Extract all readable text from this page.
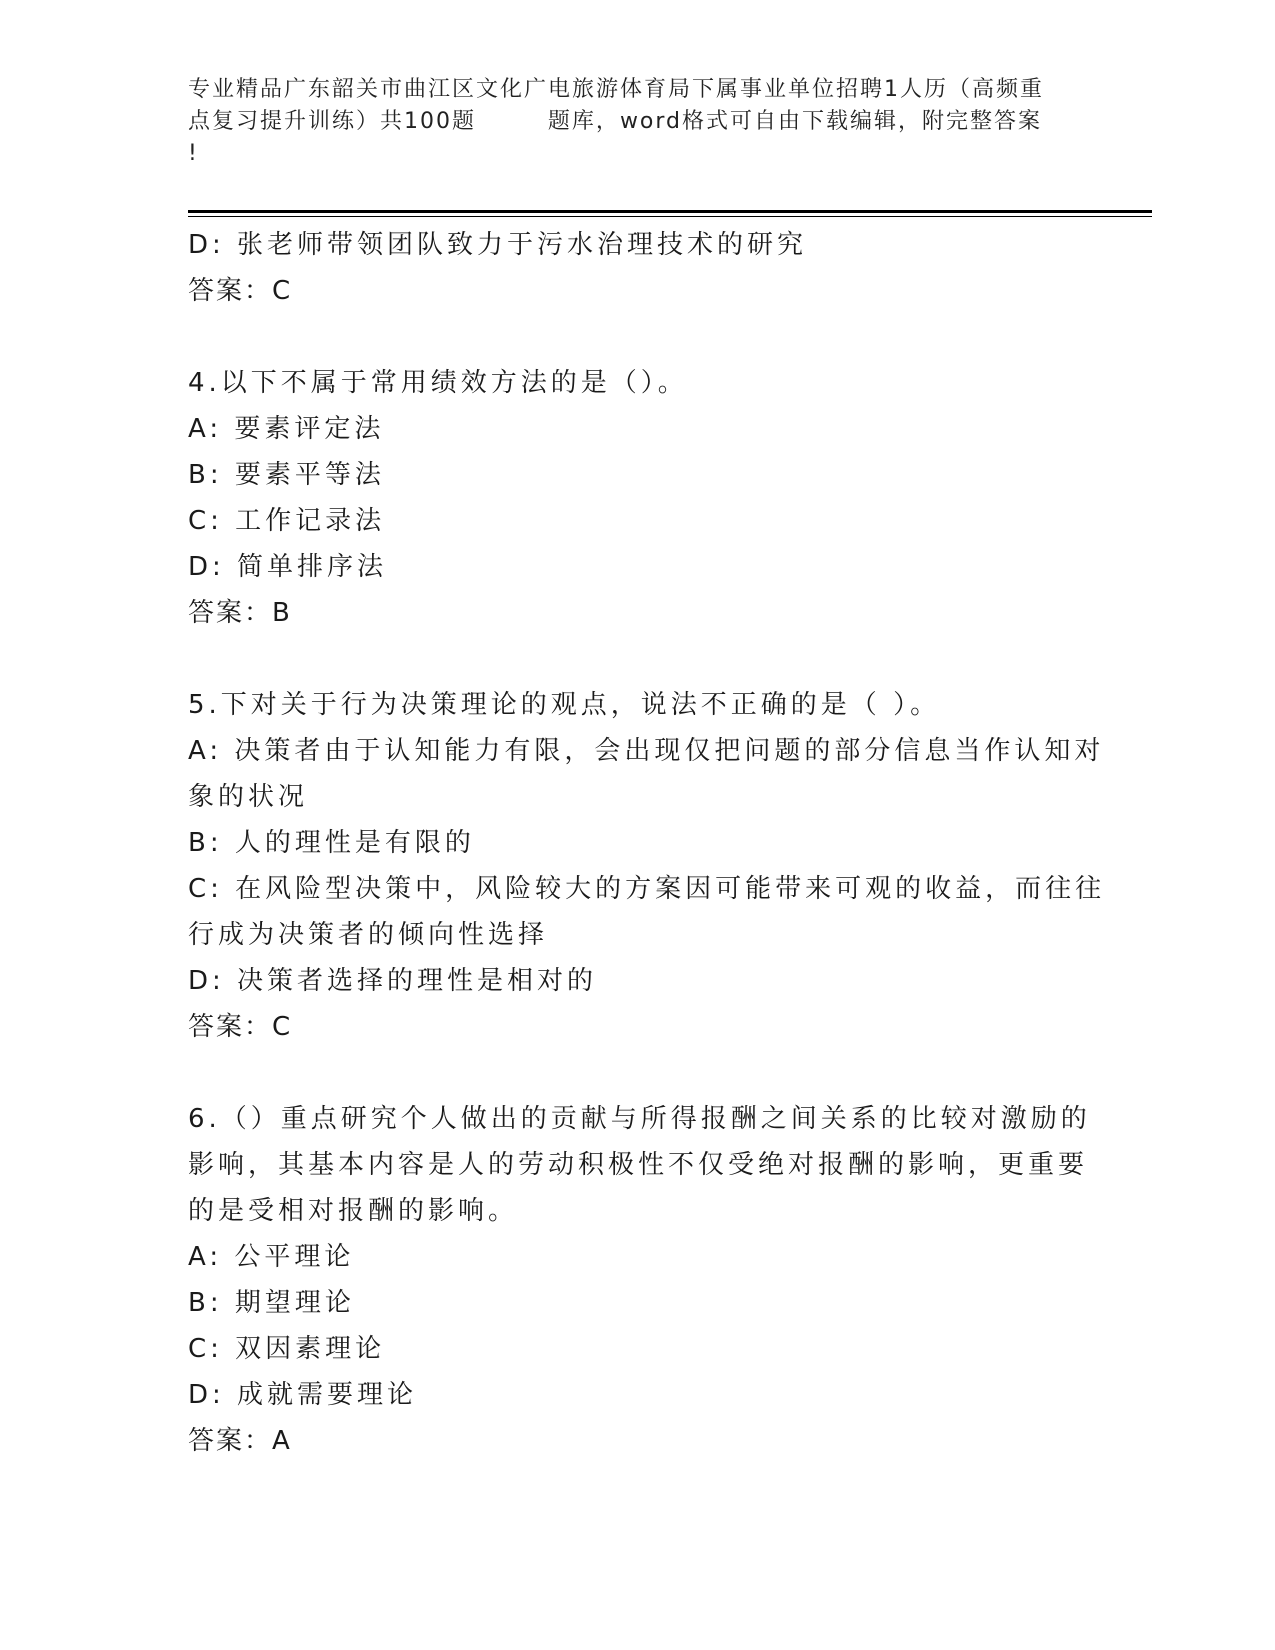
专业精品广东韶关市曲江区文化广电旅游体育局下属事业单位招聘1人历（高频重
点复习提升训练）共100题        题库，word格式可自由下载编辑，附完整答案
!
D: 张老师带领团队致力于污水治理技术的研究
答案：C
4.以下不属于常用绩效方法的是（）。
A: 要素评定法
B: 要素平等法
C: 工作记录法
D: 简单排序法
答案：B
5.下对关于行为决策理论的观点，说法不正确的是（ ）。
A: 决策者由于认知能力有限，会出现仅把问题的部分信息当作认知对
象的状况
B: 人的理性是有限的
C: 在风险型决策中，风险较大的方案因可能带来可观的收益，而往往
行成为决策者的倾向性选择
D: 决策者选择的理性是相对的
答案：C
6.（）重点研究个人做出的贡献与所得报酬之间关系的比较对激励的
影响，其基本内容是人的劳动积极性不仅受绝对报酬的影响，更重要
的是受相对报酬的影响。
A: 公平理论
B: 期望理论
C: 双因素理论
D: 成就需要理论
答案：A
